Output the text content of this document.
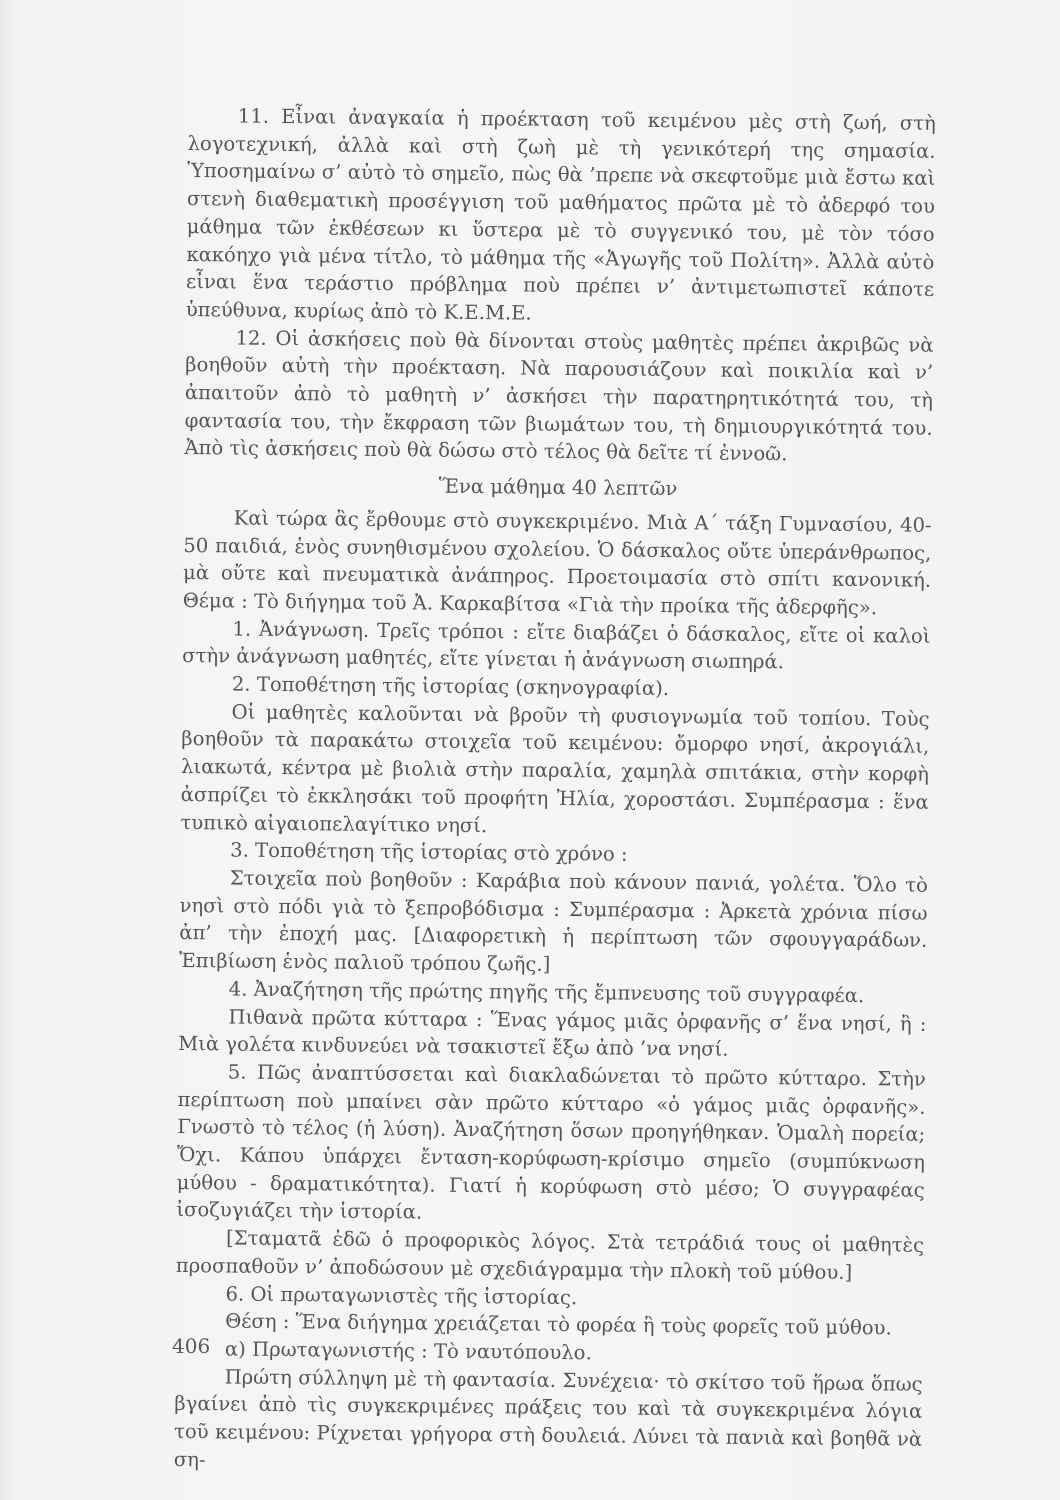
11. Εἶναι ἀναγκαία ἡ προέκταση τοῦ κειμένου μὲς στὴ ζωή, στὴ λογοτεχνική, ἀλλὰ καὶ στὴ ζωὴ μὲ τὴ γενικότερή της σημασία. Ὑποσημαίνω σ’ αὐτὸ τὸ σημεῖο, πὼς θὰ ’πρεπε νὰ σκεφτοῦμε μιὰ ἔστω καὶ στενὴ διαθεματικὴ προσέγγιση τοῦ μαθήματος πρῶτα μὲ τὸ ἀδερφό του μάθημα τῶν ἐκθέσεων κι ὕστερα μὲ τὸ συγγενικό του, μὲ τὸν τόσο κακόηχο γιὰ μένα τίτλο, τὸ μάθημα τῆς «Ἀγωγῆς τοῦ Πολίτη». Ἀλλὰ αὐτὸ εἶναι ἕνα τεράστιο πρόβλημα ποὺ πρέπει ν’ ἀντιμετωπιστεῖ κάποτε ὑπεύθυνα, κυρίως ἀπὸ τὸ Κ.Ε.Μ.Ε.

12. Οἱ ἀσκήσεις ποὺ θὰ δίνονται στοὺς μαθητὲς πρέπει ἀκριβῶς νὰ βοηθοῦν αὐτὴ τὴν προέκταση. Νὰ παρουσιάζουν καὶ ποικιλία καὶ ν’ ἀπαιτοῦν ἀπὸ τὸ μαθητὴ ν’ ἀσκήσει τὴν παρατηρητικότητά του, τὴ φαντασία του, τὴν ἔκφραση τῶν βιωμάτων του, τὴ δημιουργικότητά του. Ἀπὸ τὶς ἀσκήσεις ποὺ θὰ δώσω στὸ τέλος θὰ δεῖτε τί ἐννοῶ.

Ἕνα μάθημα 40 λεπτῶν

Καὶ τώρα ἂς ἔρθουμε στὸ συγκεκριμένο. Μιὰ Α΄ τάξη Γυμνασίου, 40-50 παιδιά, ἑνὸς συνηθισμένου σχολείου. Ὁ δάσκαλος οὔτε ὑπεράνθρωπος, μὰ οὔτε καὶ πνευματικὰ ἀνάπηρος. Προετοιμασία στὸ σπίτι κανονική. Θέμα : Τὸ διήγημα τοῦ Ἀ. Καρκαβίτσα «Γιὰ τὴν προίκα τῆς ἀδερφῆς».

1. Ἀνάγνωση. Τρεῖς τρόποι : εἴτε διαβάζει ὁ δάσκαλος, εἴτε οἱ καλοὶ στὴν ἀνάγνωση μαθητές, εἴτε γίνεται ἡ ἀνάγνωση σιωπηρά.

2. Τοποθέτηση τῆς ἱστορίας (σκηνογραφία).

Οἱ μαθητὲς καλοῦνται νὰ βροῦν τὴ φυσιογνωμία τοῦ τοπίου. Τοὺς βοηθοῦν τὰ παρακάτω στοιχεῖα τοῦ κειμένου: ὄμορφο νησί, ἀκρογιάλι, λιακωτά, κέντρα μὲ βιολιὰ στὴν παραλία, χαμηλὰ σπιτάκια, στὴν κορφὴ ἀσπρίζει τὸ ἐκκλησάκι τοῦ προφήτη Ἠλία, χοροστάσι. Συμπέρασμα : ἕνα τυπικὸ αἰγαιοπελαγίτικο νησί.

3. Τοποθέτηση τῆς ἱστορίας στὸ χρόνο :

Στοιχεῖα ποὺ βοηθοῦν : Καράβια ποὺ κάνουν πανιά, γολέτα. Ὅλο τὸ νησὶ στὸ πόδι γιὰ τὸ ξεπροβόδισμα : Συμπέρασμα : Ἀρκετὰ χρόνια πίσω ἀπ’ τὴν ἐποχή μας. [Διαφορετικὴ ἡ περίπτωση τῶν σφουγγαράδων. Ἐπιβίωση ἑνὸς παλιοῦ τρόπου ζωῆς.]

4. Ἀναζήτηση τῆς πρώτης πηγῆς τῆς ἔμπνευσης τοῦ συγγραφέα.

Πιθανὰ πρῶτα κύτταρα : Ἕνας γάμος μιᾶς ὀρφανῆς σ’ ἕνα νησί, ἢ : Μιὰ γολέτα κινδυνεύει νὰ τσακιστεῖ ἔξω ἀπὸ ’να νησί.

5. Πῶς ἀναπτύσσεται καὶ διακλαδώνεται τὸ πρῶτο κύτταρο. Στὴν περίπτωση ποὺ μπαίνει σὰν πρῶτο κύτταρο «ὁ γάμος μιᾶς ὀρφανῆς». Γνωστὸ τὸ τέλος (ἡ λύση). Ἀναζήτηση ὅσων προηγήθηκαν. Ὁμαλὴ πορεία; Ὄχι. Κάπου ὑπάρχει ἔνταση-κορύφωση-κρίσιμο σημεῖο (συμπύκνωση μύθου - δραματικότητα). Γιατί ἡ κορύφωση στὸ μέσο; Ὁ συγγραφέας ἰσοζυγιάζει τὴν ἱστορία.

[Σταματᾶ ἐδῶ ὁ προφορικὸς λόγος. Στὰ τετράδιά τους οἱ μαθητὲς προσπαθοῦν ν’ ἀποδώσουν μὲ σχεδιάγραμμα τὴν πλοκὴ τοῦ μύθου.]

6. Οἱ πρωταγωνιστὲς τῆς ἱστορίας.

Θέση : Ἕνα διήγημα χρειάζεται τὸ φορέα ἢ τοὺς φορεῖς τοῦ μύθου.

α) Πρωταγωνιστής : Τὸ ναυτόπουλο.

Πρώτη σύλληψη μὲ τὴ φαντασία. Συνέχεια· τὸ σκίτσο τοῦ ἥρωα ὅπως βγαίνει ἀπὸ τὶς συγκεκριμένες πράξεις του καὶ τὰ συγκεκριμένα λόγια τοῦ κειμένου: Ρίχνεται γρήγορα στὴ δουλειά. Λύνει τὰ πανιὰ καὶ βοηθᾶ νὰ ση-

406
